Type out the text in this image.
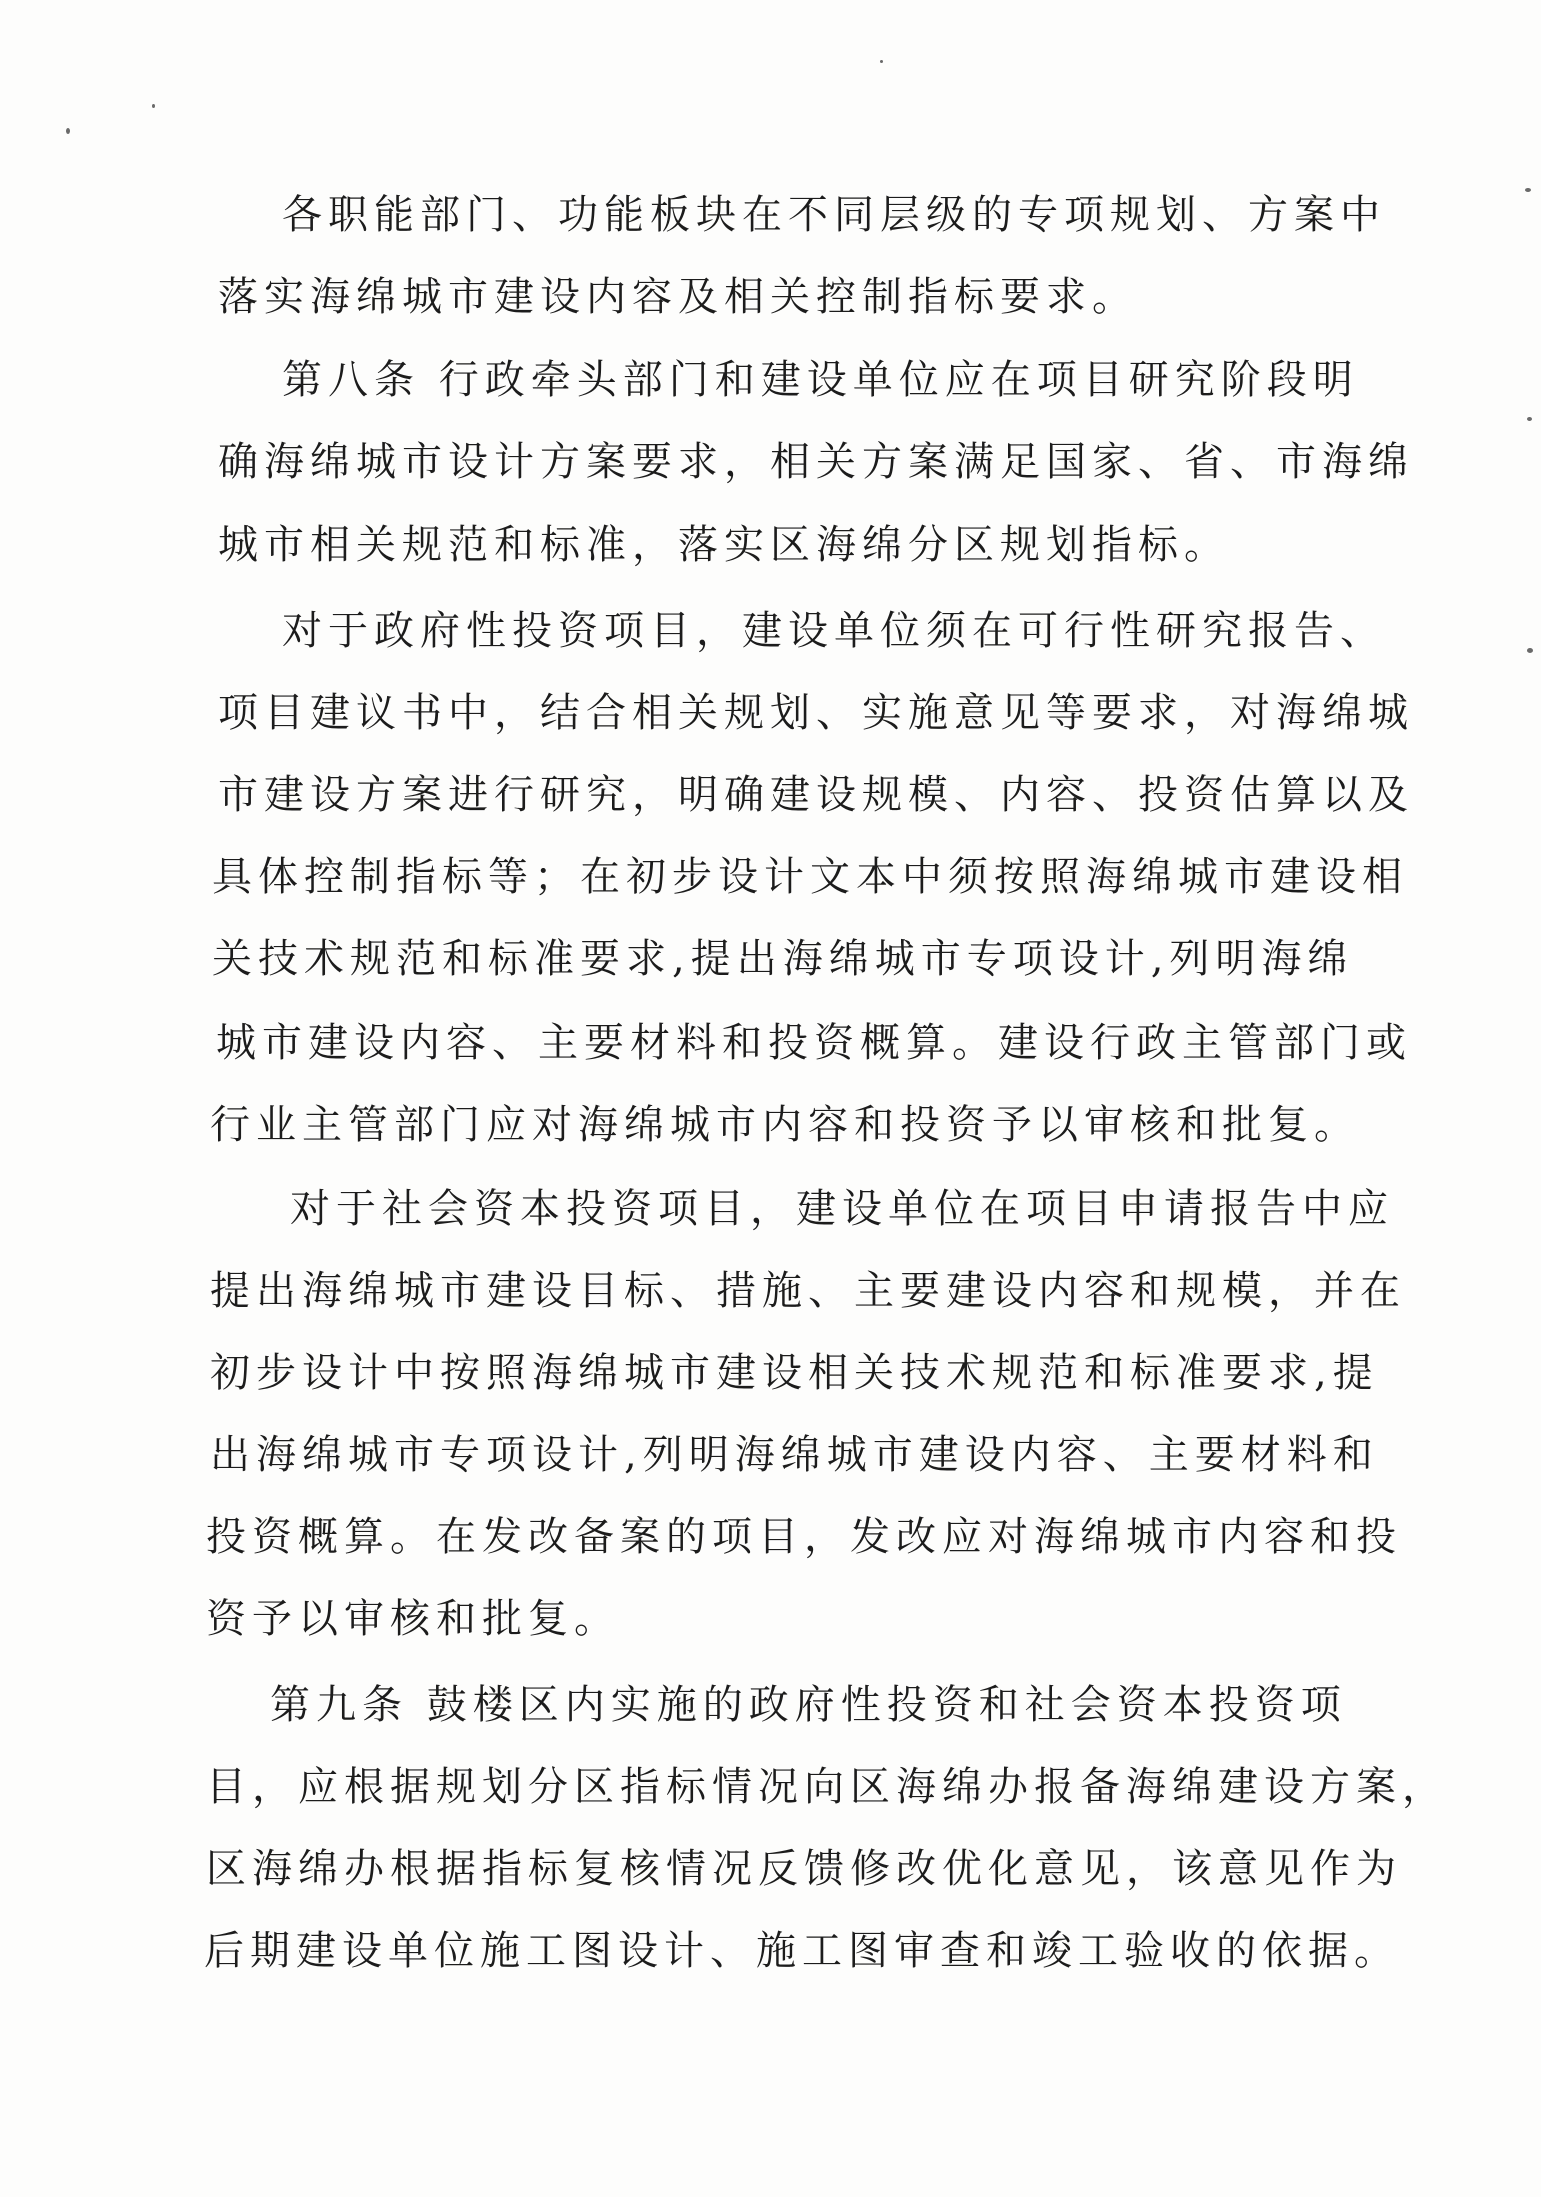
各职能部门、功能板块在不同层级的专项规划、方案中
落实海绵城市建设内容及相关控制指标要求。
第八条 行政牵头部门和建设单位应在项目研究阶段明
确海绵城市设计方案要求，相关方案满足国家、省、市海绵
城市相关规范和标准，落实区海绵分区规划指标。
对于政府性投资项目，建设单位须在可行性研究报告、
项目建议书中，结合相关规划、实施意见等要求，对海绵城
市建设方案进行研究，明确建设规模、内容、投资估算以及
具体控制指标等；在初步设计文本中须按照海绵城市建设相
关技术规范和标准要求,提出海绵城市专项设计,列明海绵
城市建设内容、主要材料和投资概算。建设行政主管部门或
行业主管部门应对海绵城市内容和投资予以审核和批复。
对于社会资本投资项目，建设单位在项目申请报告中应
提出海绵城市建设目标、措施、主要建设内容和规模，并在
初步设计中按照海绵城市建设相关技术规范和标准要求,提
出海绵城市专项设计,列明海绵城市建设内容、主要材料和
投资概算。在发改备案的项目，发改应对海绵城市内容和投
资予以审核和批复。
第九条 鼓楼区内实施的政府性投资和社会资本投资项
目，应根据规划分区指标情况向区海绵办报备海绵建设方案，
区海绵办根据指标复核情况反馈修改优化意见，该意见作为
后期建设单位施工图设计、施工图审查和竣工验收的依据。
